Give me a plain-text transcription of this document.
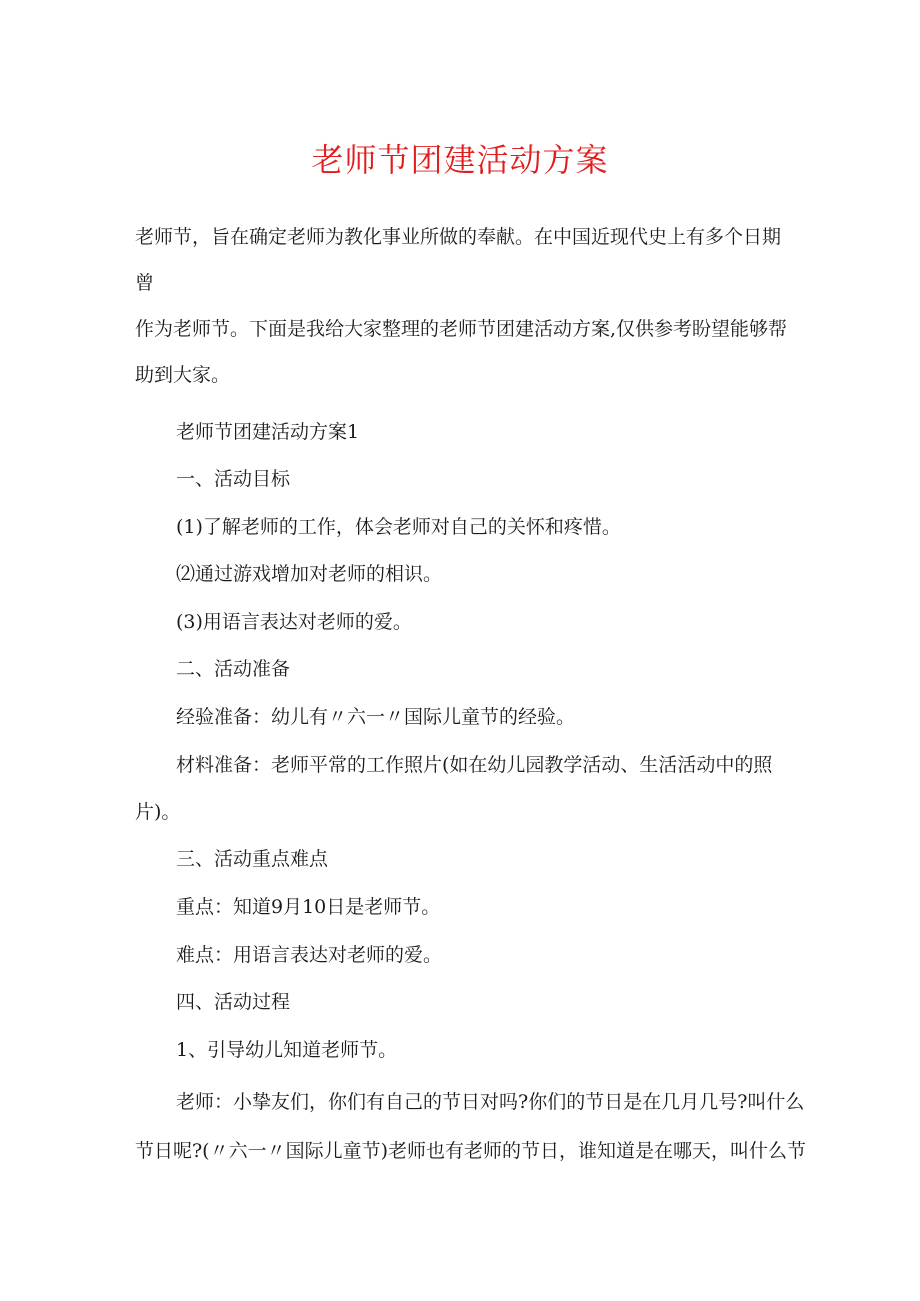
老师节团建活动方案

老师节，旨在确定老师为教化事业所做的奉献。在中国近现代史上有多个日期曾

作为老师节。下面是我给大家整理的老师节团建活动方案,仅供参考盼望能够帮

助到大家。

老师节团建活动方案1
一、活动目标
(1)了解老师的工作，体会老师对自己的关怀和疼惜。
⑵通过游戏增加对老师的相识。
(3)用语言表达对老师的爱。
二、活动准备
经验准备：幼儿有〃六一〃国际儿童节的经验。
材料准备：老师平常的工作照片(如在幼儿园教学活动、生活活动中的照
片)。
三、活动重点难点
重点：知道9月10日是老师节。
难点：用语言表达对老师的爱。
四、活动过程
1、引导幼儿知道老师节。
老师：小挚友们，你们有自己的节日对吗?你们的节日是在几月几号?叫什么
节日呢?(〃六一〃国际儿童节)老师也有老师的节日，谁知道是在哪天，叫什么节
